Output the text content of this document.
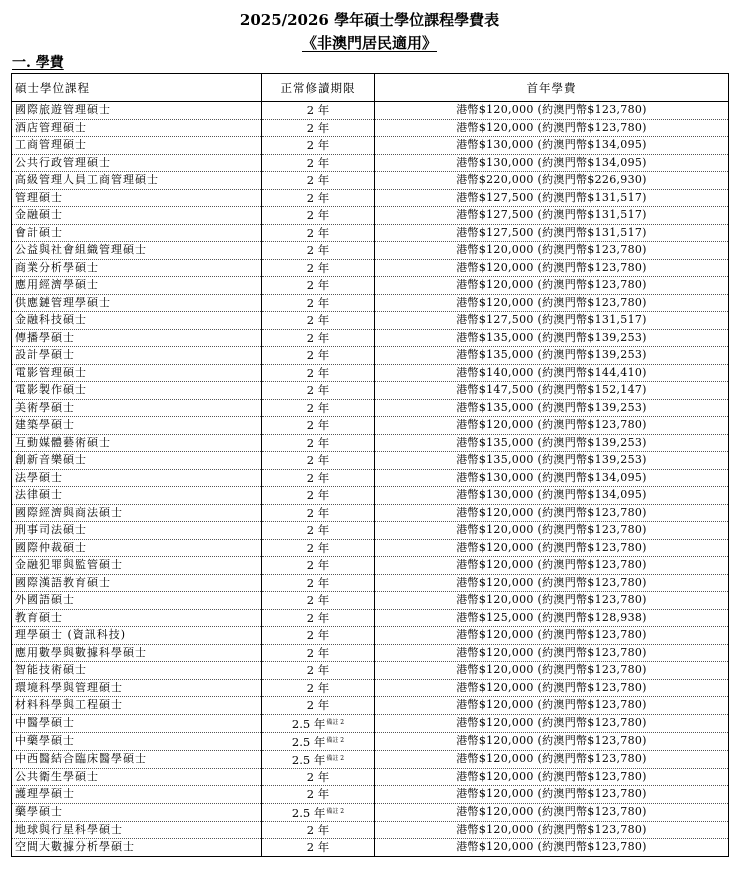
2025/2026 學年碩士學位課程學費表
《非澳門居民適用》
一. 學費
碩士學位課程	正常修讀期限	首年學費
國際旅遊管理碩士	2 年	港幣$120,000 (約澳門幣$123,780)
酒店管理碩士	2 年	港幣$120,000 (約澳門幣$123,780)
工商管理碩士	2 年	港幣$130,000 (約澳門幣$134,095)
公共行政管理碩士	2 年	港幣$130,000 (約澳門幣$134,095)
高級管理人員工商管理碩士	2 年	港幣$220,000 (約澳門幣$226,930)
管理碩士	2 年	港幣$127,500 (約澳門幣$131,517)
金融碩士	2 年	港幣$127,500 (約澳門幣$131,517)
會計碩士	2 年	港幣$127,500 (約澳門幣$131,517)
公益與社會組織管理碩士	2 年	港幣$120,000 (約澳門幣$123,780)
商業分析學碩士	2 年	港幣$120,000 (約澳門幣$123,780)
應用經濟學碩士	2 年	港幣$120,000 (約澳門幣$123,780)
供應鏈管理學碩士	2 年	港幣$120,000 (約澳門幣$123,780)
金融科技碩士	2 年	港幣$127,500 (約澳門幣$131,517)
傳播學碩士	2 年	港幣$135,000 (約澳門幣$139,253)
設計學碩士	2 年	港幣$135,000 (約澳門幣$139,253)
電影管理碩士	2 年	港幣$140,000 (約澳門幣$144,410)
電影製作碩士	2 年	港幣$147,500 (約澳門幣$152,147)
美術學碩士	2 年	港幣$135,000 (約澳門幣$139,253)
建築學碩士	2 年	港幣$120,000 (約澳門幣$123,780)
互動媒體藝術碩士	2 年	港幣$135,000 (約澳門幣$139,253)
創新音樂碩士	2 年	港幣$135,000 (約澳門幣$139,253)
法學碩士	2 年	港幣$130,000 (約澳門幣$134,095)
法律碩士	2 年	港幣$130,000 (約澳門幣$134,095)
國際經濟與商法碩士	2 年	港幣$120,000 (約澳門幣$123,780)
刑事司法碩士	2 年	港幣$120,000 (約澳門幣$123,780)
國際仲裁碩士	2 年	港幣$120,000 (約澳門幣$123,780)
金融犯罪與監管碩士	2 年	港幣$120,000 (約澳門幣$123,780)
國際漢語教育碩士	2 年	港幣$120,000 (約澳門幣$123,780)
外國語碩士	2 年	港幣$120,000 (約澳門幣$123,780)
教育碩士	2 年	港幣$125,000 (約澳門幣$128,938)
理學碩士 (資訊科技)	2 年	港幣$120,000 (約澳門幣$123,780)
應用數學與數據科學碩士	2 年	港幣$120,000 (約澳門幣$123,780)
智能技術碩士	2 年	港幣$120,000 (約澳門幣$123,780)
環境科學與管理碩士	2 年	港幣$120,000 (約澳門幣$123,780)
材料科學與工程碩士	2 年	港幣$120,000 (約澳門幣$123,780)
中醫學碩士	2.5 年$^{備註 2}$	港幣$120,000 (約澳門幣$123,780)
中藥學碩士	2.5 年$^{備註 2}$	港幣$120,000 (約澳門幣$123,780)
中西醫結合臨床醫學碩士	2.5 年$^{備註 2}$	港幣$120,000 (約澳門幣$123,780)
公共衛生學碩士	2 年	港幣$120,000 (約澳門幣$123,780)
護理學碩士	2 年	港幣$120,000 (約澳門幣$123,780)
藥學碩士	2.5 年$^{備註 2}$	港幣$120,000 (約澳門幣$123,780)
地球與行星科學碩士	2 年	港幣$120,000 (約澳門幣$123,780)
空間大數據分析學碩士	2 年	港幣$120,000 (約澳門幣$123,780)
